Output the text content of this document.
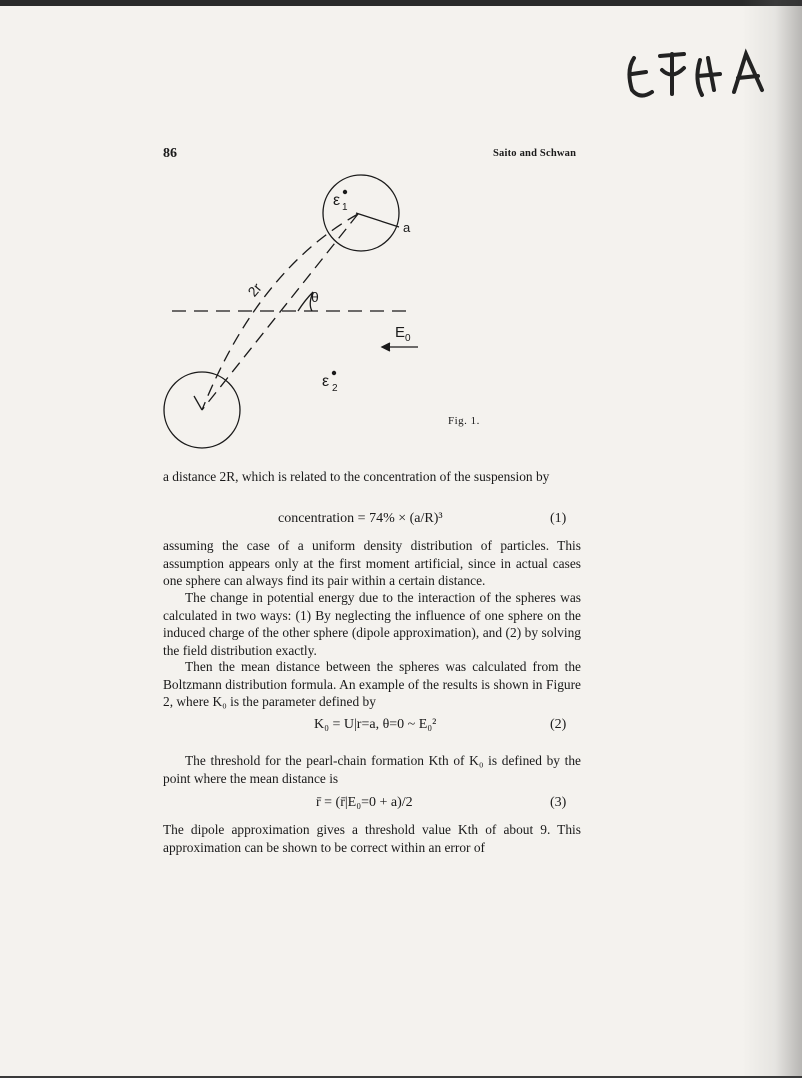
86	Saito and Schwan
ε 1
a
2r	θ
E 0
ε 2
Fig. 1.
a distance 2R, which is related to the concentration of the suspension by
concentration = 74% × (a/R)³	(1)
assuming the case of a uniform density distribution of particles. This assumption appears only at the first moment artificial, since in actual cases one sphere can always find its pair within a certain distance.
The change in potential energy due to the interaction of the spheres was calculated in two ways: (1) By neglecting the influence of one sphere on the induced charge of the other sphere (dipole approximation), and (2) by solving the field distribution exactly.
Then the mean distance between the spheres was calculated from the Boltzmann distribution formula. An example of the results is shown in Figure 2, where K₀ is the parameter defined by
K₀ = U|r=a, θ=0 ~ E₀²	(2)
The threshold for the pearl-chain formation Kth of K₀ is defined by the point where the mean distance is
r̄ = (r̄|E₀=0 + a)/2	(3)
The dipole approximation gives a threshold value Kth of about 9. This approximation can be shown to be correct within an error of
